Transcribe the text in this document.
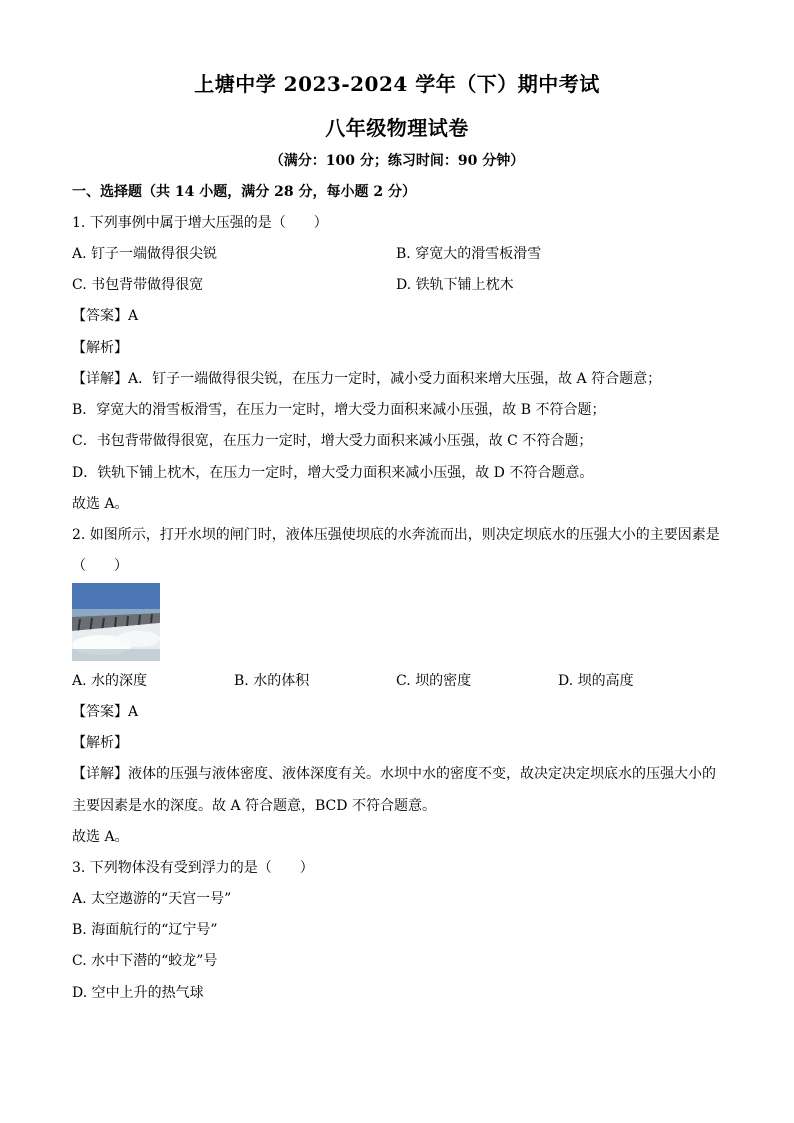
上塘中学 2023-2024 学年（下）期中考试
八年级物理试卷
（满分：100 分；练习时间：90 分钟）
一、选择题（共 14 小题，满分 28 分，每小题 2 分）
1. 下列事例中属于增大压强的是（　　）
A. 钉子一端做得很尖锐	B. 穿宽大的滑雪板滑雪
C. 书包背带做得很宽	D. 铁轨下铺上枕木
【答案】A
【解析】
【详解】A．钉子一端做得很尖锐，在压力一定时，减小受力面积来增大压强，故 A 符合题意；
B．穿宽大的滑雪板滑雪，在压力一定时，增大受力面积来减小压强，故 B 不符合题；
C．书包背带做得很宽，在压力一定时，增大受力面积来减小压强，故 C 不符合题；
D．铁轨下铺上枕木，在压力一定时，增大受力面积来减小压强，故 D 不符合题意。
故选 A。
2. 如图所示，打开水坝的闸门时，液体压强使坝底的水奔流而出，则决定坝底水的压强大小的主要因素是
（　　）
A. 水的深度	B. 水的体积	C. 坝的密度	D. 坝的高度
【答案】A
【解析】
【详解】液体的压强与液体密度、液体深度有关。水坝中水的密度不变，故决定决定坝底水的压强大小的
主要因素是水的深度。故 A 符合题意，BCD 不符合题意。
故选 A。
3. 下列物体没有受到浮力的是（　　）
A. 太空遨游的“天宫一号”
B. 海面航行的“辽宁号”
C. 水中下潜的“蛟龙”号
D. 空中上升的热气球
